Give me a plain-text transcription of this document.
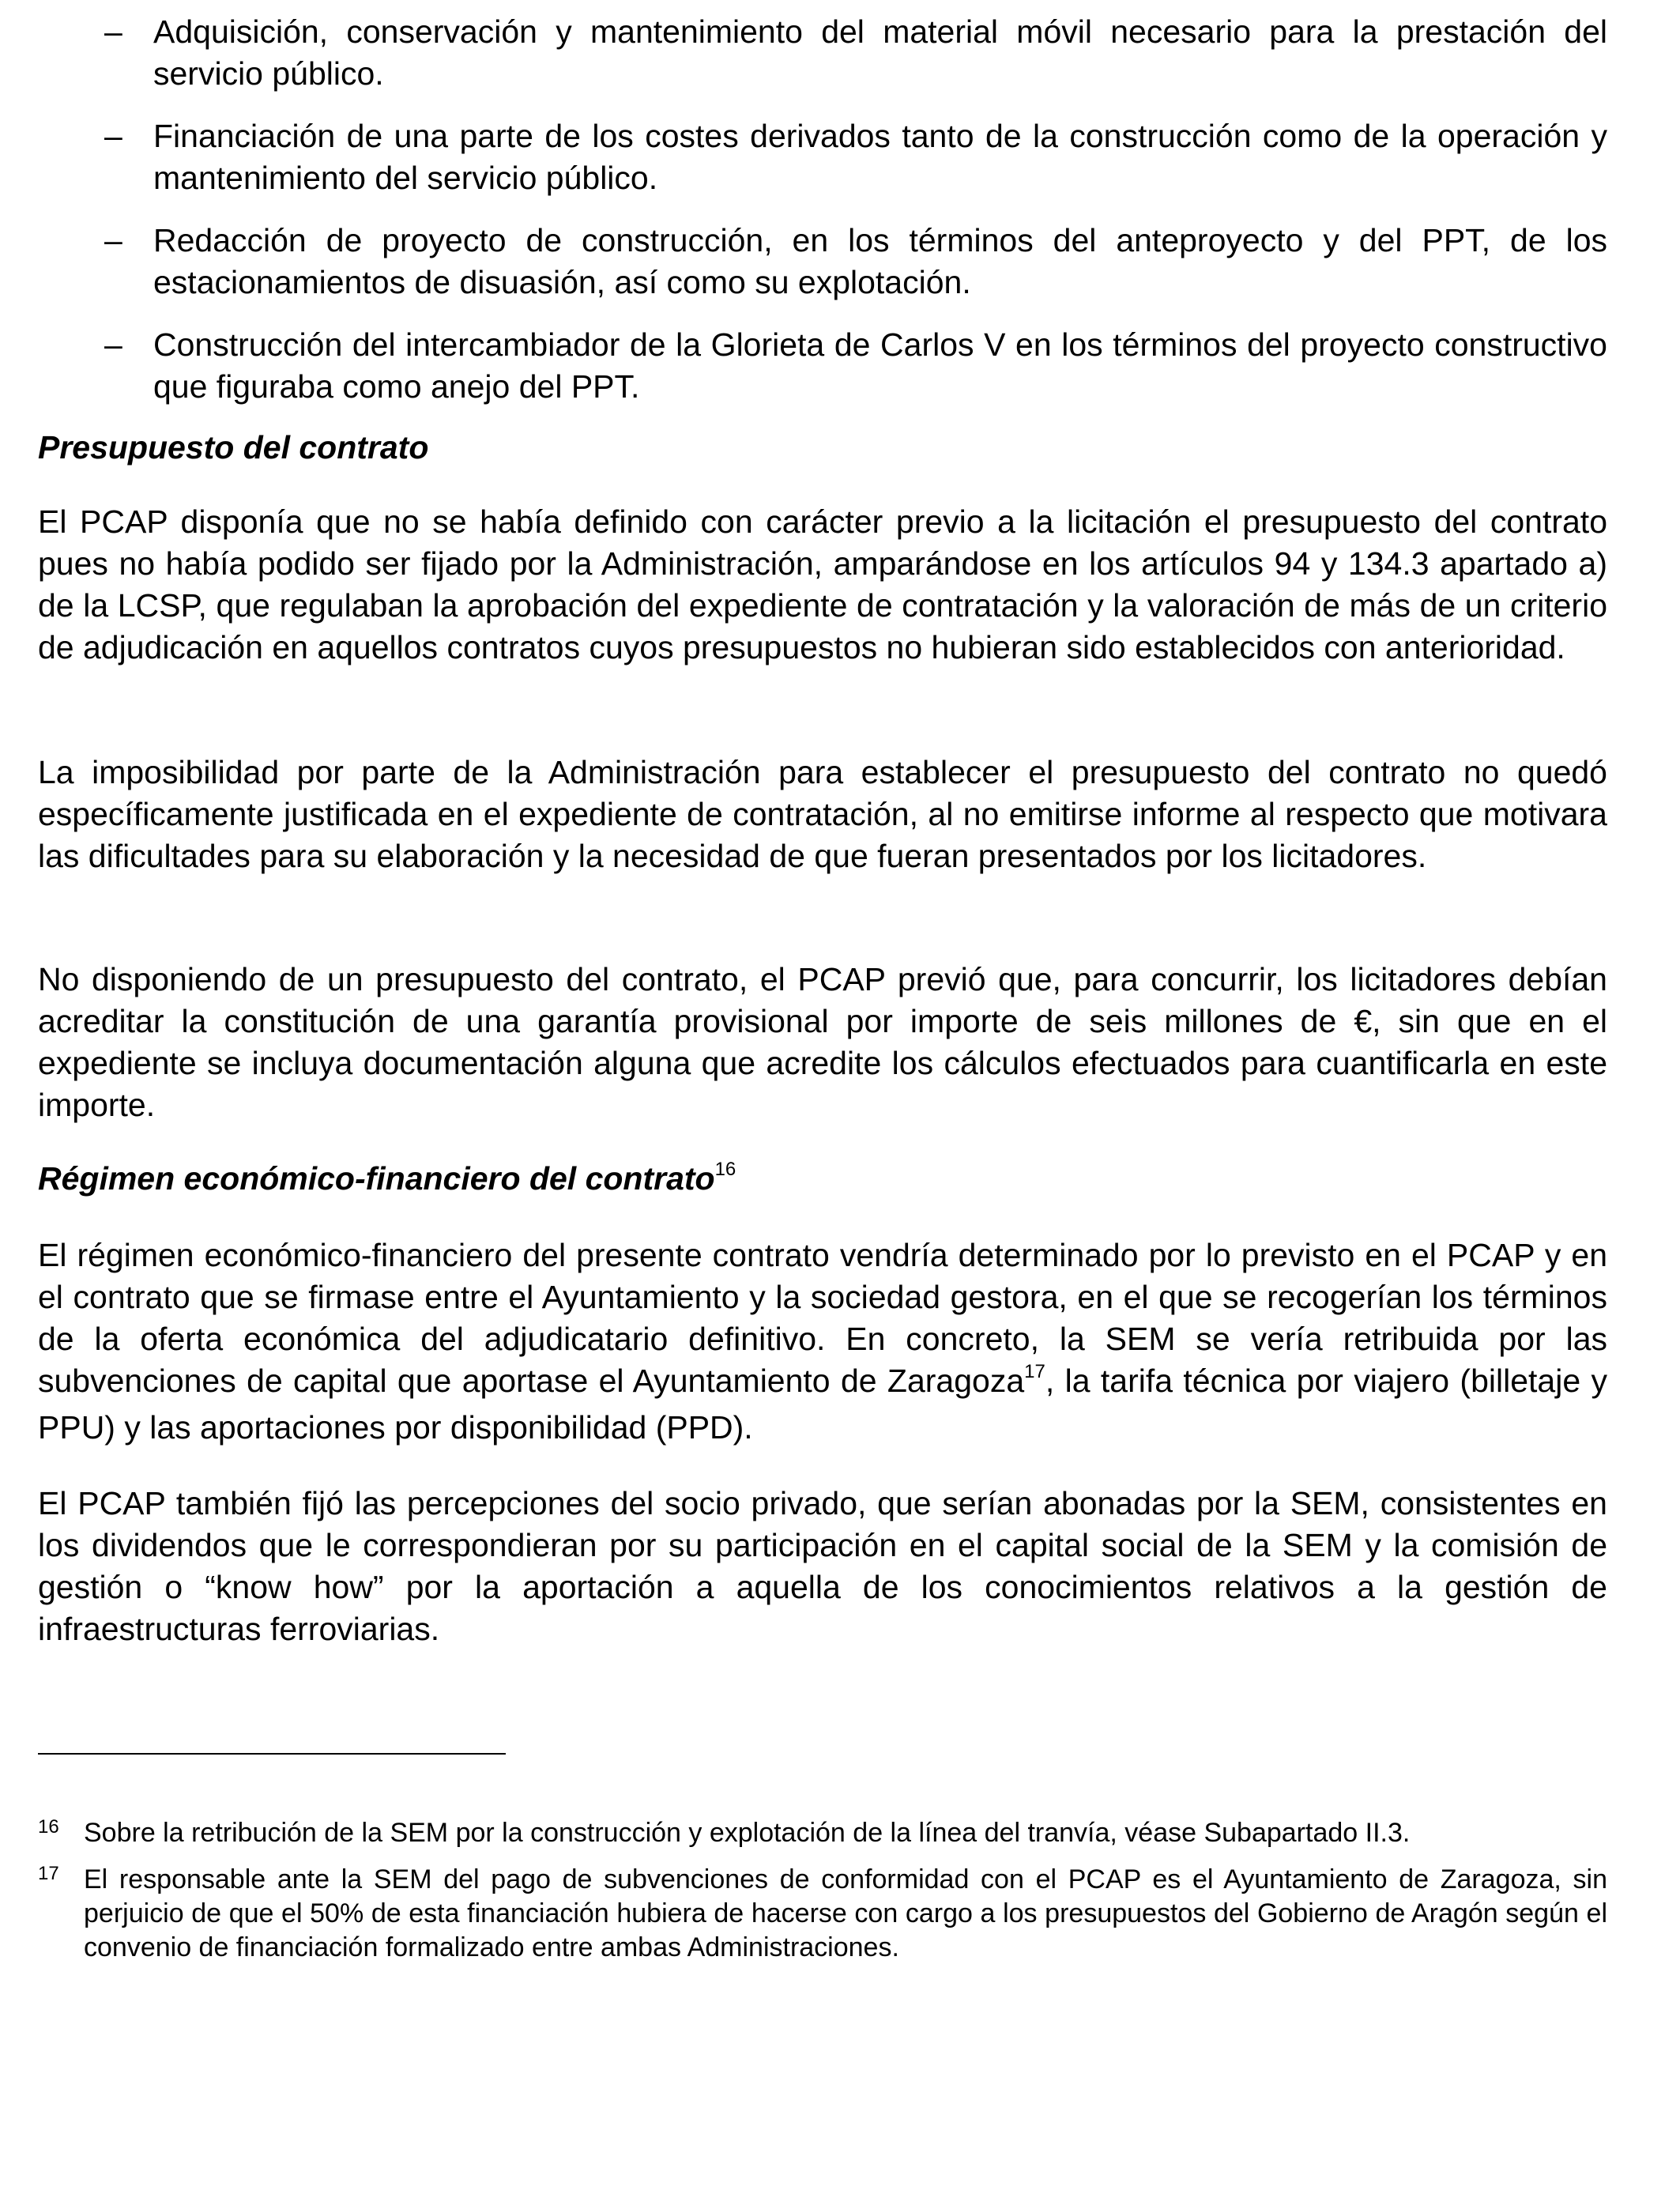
– Adquisición, conservación y mantenimiento del material móvil necesario para la prestación del servicio público.
– Financiación de una parte de los costes derivados tanto de la construcción como de la operación y mantenimiento del servicio público.
– Redacción de proyecto de construcción, en los términos del anteproyecto y del PPT, de los estacionamientos de disuasión, así como su explotación.
– Construcción del intercambiador de la Glorieta de Carlos V en los términos del proyecto constructivo que figuraba como anejo del PPT.
Presupuesto del contrato
El PCAP disponía que no se había definido con carácter previo a la licitación el presupuesto del contrato pues no había podido ser fijado por la Administración, amparándose en los artículos 94 y 134.3 apartado a) de la LCSP, que regulaban la aprobación del expediente de contratación y la valoración de más de un criterio de adjudicación en aquellos contratos cuyos presupuestos no hubieran sido establecidos con anterioridad.
La imposibilidad por parte de la Administración para establecer el presupuesto del contrato no quedó específicamente justificada en el expediente de contratación, al no emitirse informe al respecto que motivara las dificultades para su elaboración y la necesidad de que fueran presentados por los licitadores.
No disponiendo de un presupuesto del contrato, el PCAP previó que, para concurrir, los licitadores debían acreditar la constitución de una garantía provisional por importe de seis millones de €, sin que en el expediente se incluya documentación alguna que acredite los cálculos efectuados para cuantificarla en este importe.
Régimen económico-financiero del contrato$^{16}$
El régimen económico-financiero del presente contrato vendría determinado por lo previsto en el PCAP y en el contrato que se firmase entre el Ayuntamiento y la sociedad gestora, en el que se recogerían los términos de la oferta económica del adjudicatario definitivo. En concreto, la SEM se vería retribuida por las subvenciones de capital que aportase el Ayuntamiento de Zaragoza$^{17}$, la tarifa técnica por viajero (billetaje y PPU) y las aportaciones por disponibilidad (PPD).
El PCAP también fijó las percepciones del socio privado, que serían abonadas por la SEM, consistentes en los dividendos que le correspondieran por su participación en el capital social de la SEM y la comisión de gestión o “know how” por la aportación a aquella de los conocimientos relativos a la gestión de infraestructuras ferroviarias.
16 Sobre la retribución de la SEM por la construcción y explotación de la línea del tranvía, véase Subapartado II.3.
17 El responsable ante la SEM del pago de subvenciones de conformidad con el PCAP es el Ayuntamiento de Zaragoza, sin perjuicio de que el 50% de esta financiación hubiera de hacerse con cargo a los presupuestos del Gobierno de Aragón según el convenio de financiación formalizado entre ambas Administraciones.
